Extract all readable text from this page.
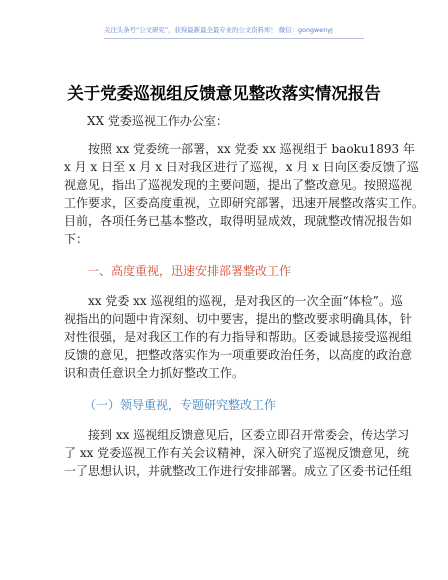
关注头条号“公文研究”，获得最新最全最专业的公文资料库！ 微信：gongwenyj
关于党委巡视组反馈意见整改落实情况报告
XX 党委巡视工作办公室：
按照 xx 党委统一部署，xx 党委 xx 巡视组于 baoku1893 年
x 月 x 日至 x 月 x 日对我区进行了巡视，x 月 x 日向区委反馈了巡
视意见，指出了巡视发现的主要问题，提出了整改意见。按照巡视
工作要求，区委高度重视，立即研究部署，迅速开展整改落实工作。
目前，各项任务已基本整改，取得明显成效，现就整改情况报告如
下：
一、高度重视，迅速安排部署整改工作
xx 党委 xx 巡视组的巡视，是对我区的一次全面“体检”。巡
视指出的问题中肯深刻、切中要害，提出的整改要求明确具体，针
对性很强，是对我区工作的有力指导和帮助。区委诚恳接受巡视组
反馈的意见，把整改落实作为一项重要政治任务，以高度的政治意
识和责任意识全力抓好整改工作。
（一）领导重视，专题研究整改工作
接到 xx 巡视组反馈意见后，区委立即召开常委会，传达学习
了 xx 党委巡视工作有关会议精神，深入研究了巡视反馈意见，统
一了思想认识，并就整改工作进行安排部署。成立了区委书记任组
